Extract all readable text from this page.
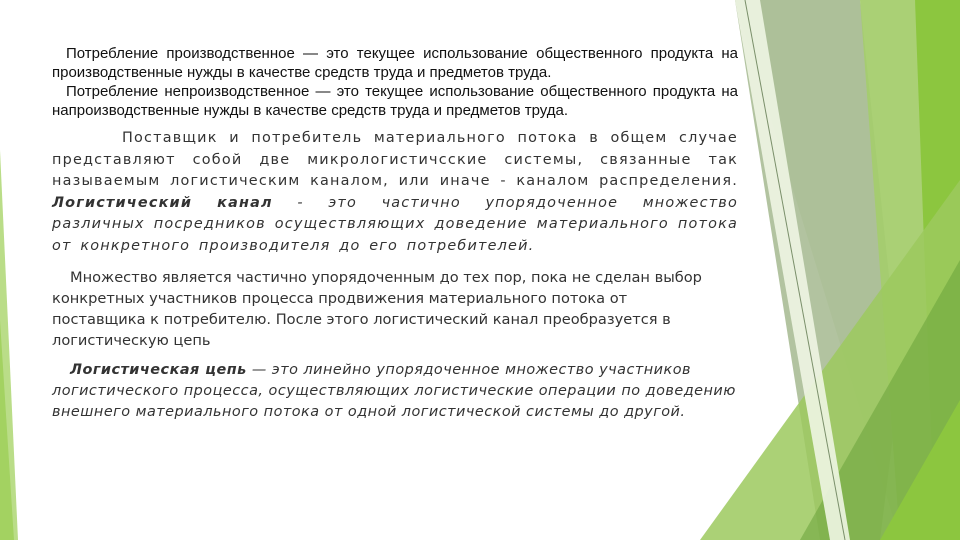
Потребление производственное — это текущее использование общественного продукта на производственные нужды в качестве средств труда и предметов труда.

Потребление непроизводственное — это текущее использование общественного продукта на напроизводственные нужды в качестве средств труда и предметов труда.

Поставщик и потребитель материального потока в общем случае представляют собой две микрологистичсские системы, связанные так называемым логистическим каналом, или иначе - каналом распределения. Логистический канал - это частично упорядоченное множество различных посредников осуществляющих доведение материального потока от конкретного производителя до его потребителей.

Множество является частично упорядоченным до тех пор, пока не сделан выбор конкретных участников процесса продвижения материального потока от поставщика к потребителю. После этого логистический канал преобразуется в логистическую цепь

Логистическая цепь — это линейно упорядоченное множество участников логистического процесса, осуществляющих логистические операции по доведению внешнего материального потока от одной логистической системы до другой.
